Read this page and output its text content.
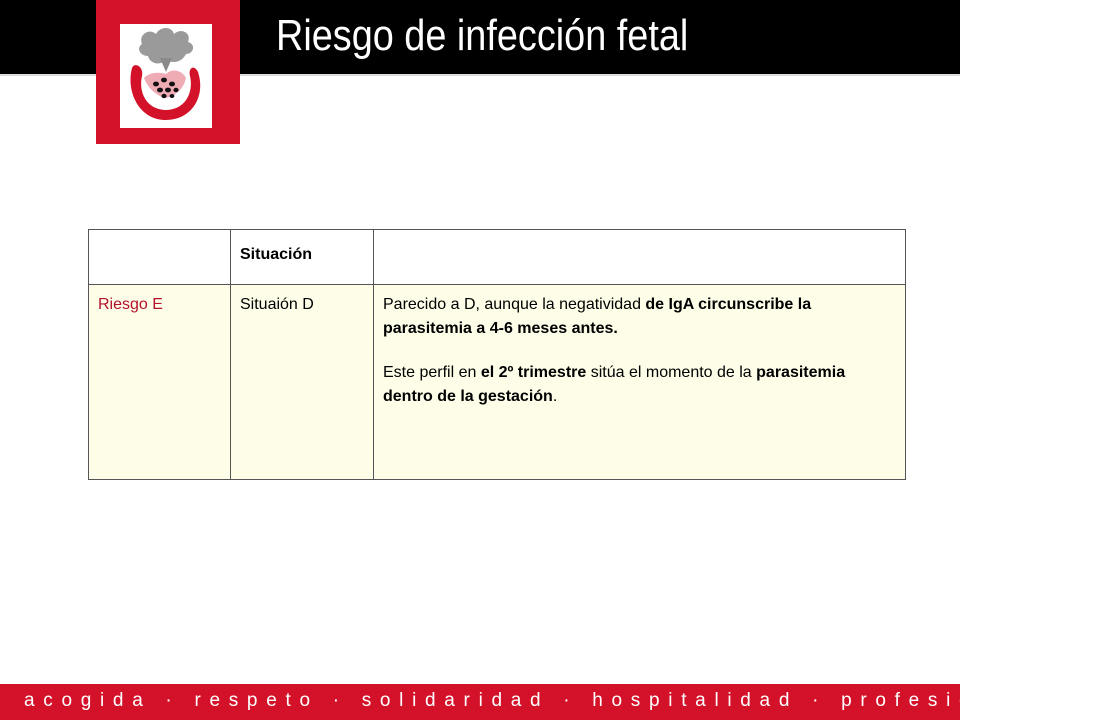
Riesgo de infección fetal
	Situación	
Riesgo E	Situaión D	Parecido a D, aunque la negatividad de IgA circunscribe la parasitemia a 4-6 meses antes.

Este perfil en el 2º trimestre sitúa el momento de la parasitemia dentro de la gestación.

acogida · respeto · solidaridad · hospitalidad · profesionalidad
